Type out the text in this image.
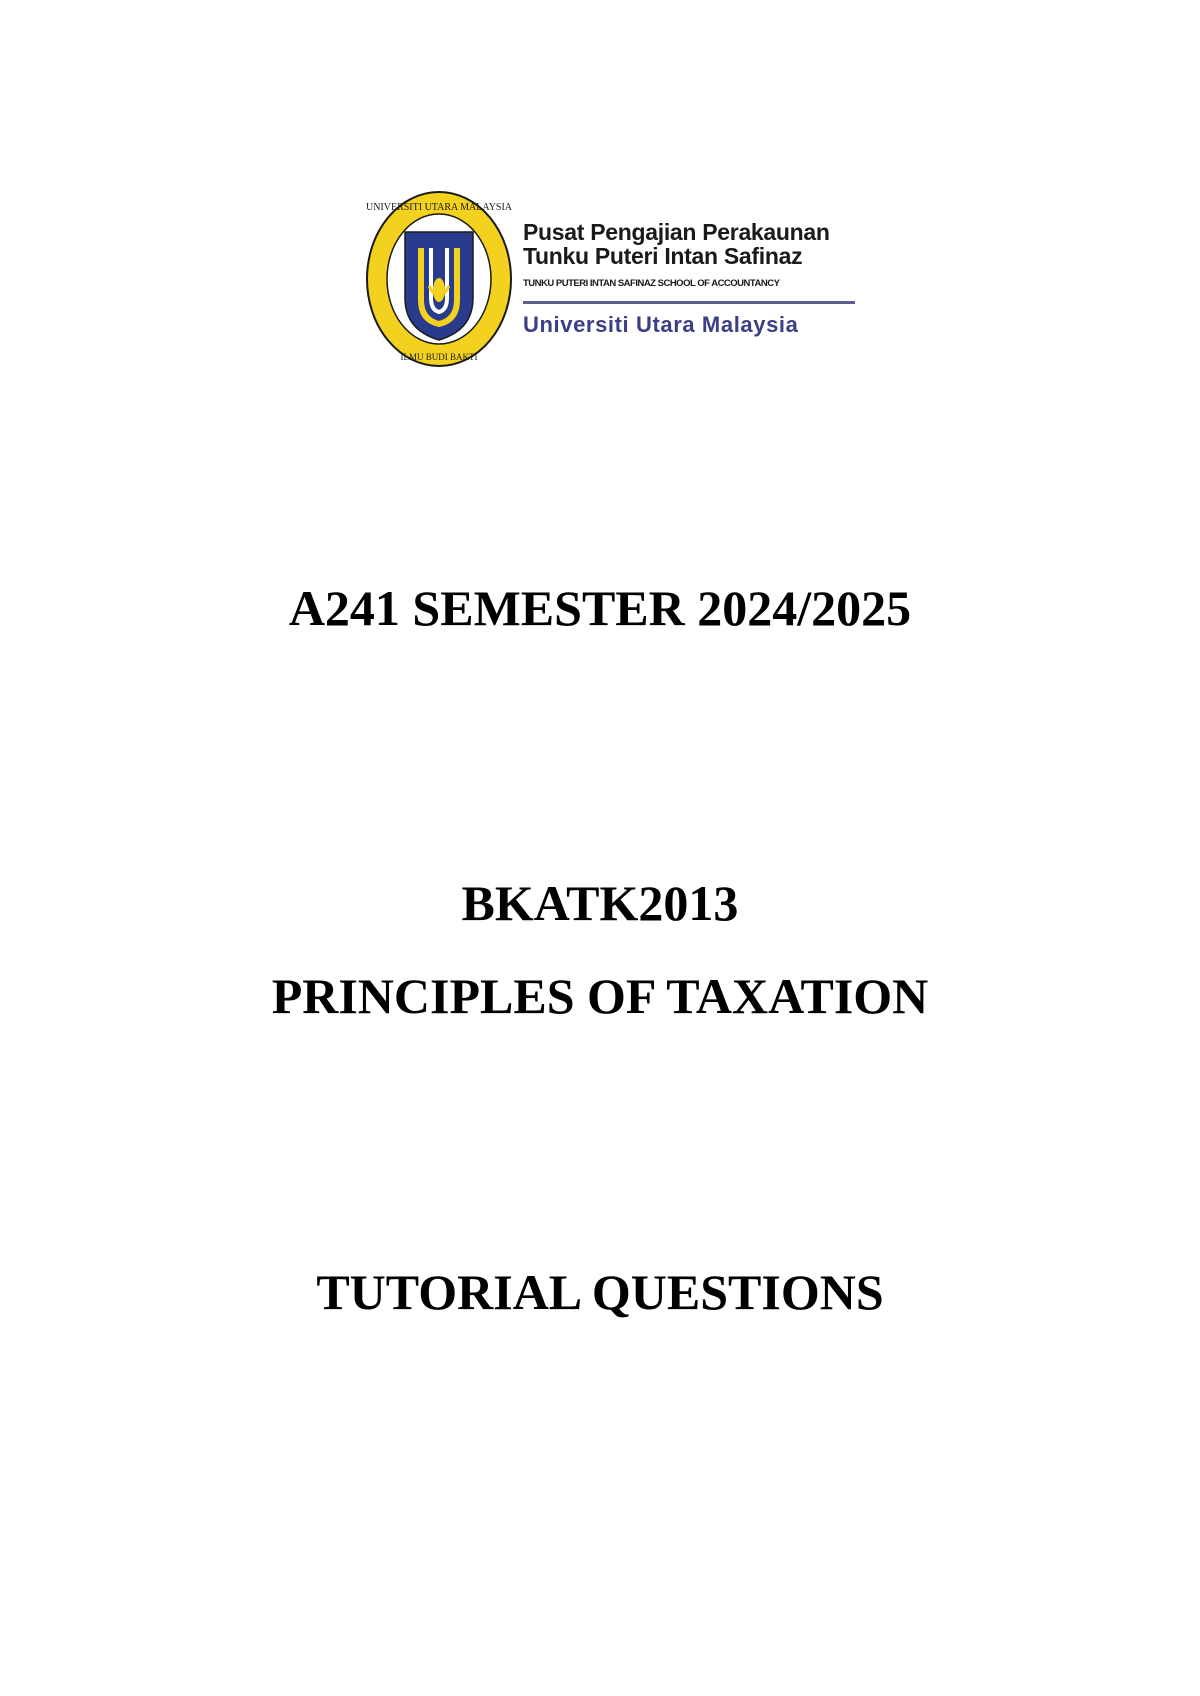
UNIVERSITI UTARA MALAYSIA
ILMU BUDI BAKTI
Pusat Pengajian Perakaunan
Tunku Puteri Intan Safinaz
TUNKU PUTERI INTAN SAFINAZ SCHOOL OF ACCOUNTANCY
Universiti Utara Malaysia
A241 SEMESTER 2024/2025
BKATK2013
PRINCIPLES OF TAXATION
TUTORIAL QUESTIONS
